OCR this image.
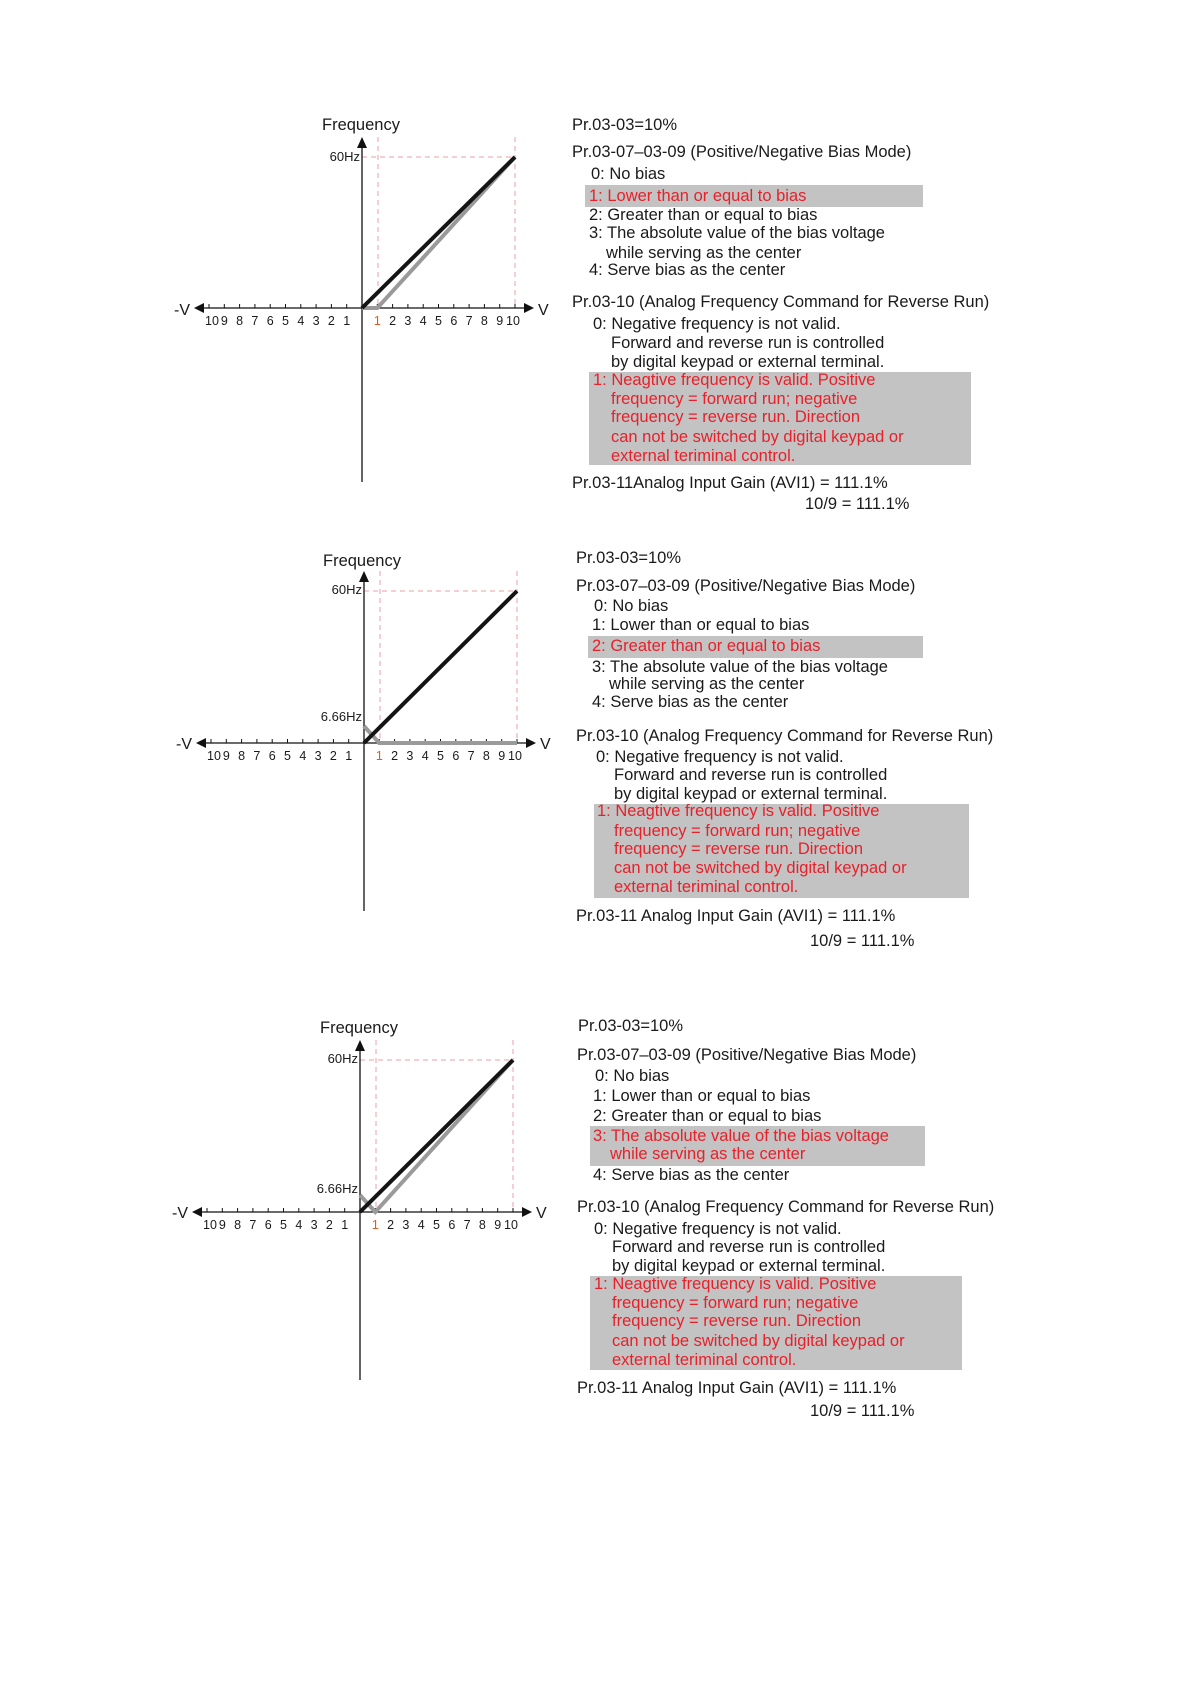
10 9 8 7 6 5 4 3 2 1 1 2 3 4 5 6 7 8 9 10
Frequency
60Hz
-V	V
Pr.03-03=10%
Pr.03-07–03-09 (Positive/Negative Bias Mode)
0: No bias
1: Lower than or equal to bias
2: Greater than or equal to bias
3: The absolute value of the bias voltage
while serving as the center
4: Serve bias as the center
Pr.03-10 (Analog Frequency Command for Reverse Run)
0: Negative frequency is not valid.
Forward and reverse run is controlled
by digital keypad or external terminal.
1: Neagtive frequency is valid. Positive
frequency = forward run; negative
frequency = reverse run. Direction
can not be switched by digital keypad or
external teriminal control.
Pr.03-11Analog Input Gain (AVI1) = 111.1%
10/9 = 111.1%
10 9 8 7 6 5 4 3 2 1 1 2 3 4 5 6 7 8 9 10
Frequency
60Hz
6.66Hz
-V	V
Pr.03-03=10%
Pr.03-07–03-09 (Positive/Negative Bias Mode)
0: No bias
1: Lower than or equal to bias
2: Greater than or equal to bias
3: The absolute value of the bias voltage
while serving as the center
4: Serve bias as the center
Pr.03-10 (Analog Frequency Command for Reverse Run)
0: Negative frequency is not valid.
Forward and reverse run is controlled
by digital keypad or external terminal.
1: Neagtive frequency is valid. Positive
frequency = forward run; negative
frequency = reverse run. Direction
can not be switched by digital keypad or
external teriminal control.
Pr.03-11 Analog Input Gain (AVI1) = 111.1%
10/9 = 111.1%
10 9 8 7 6 5 4 3 2 1 1 2 3 4 5 6 7 8 9 10
Frequency
60Hz
6.66Hz
-V	V
Pr.03-03=10%
Pr.03-07–03-09 (Positive/Negative Bias Mode)
0: No bias
1: Lower than or equal to bias
2: Greater than or equal to bias
3: The absolute value of the bias voltage
while serving as the center
4: Serve bias as the center
Pr.03-10 (Analog Frequency Command for Reverse Run)
0: Negative frequency is not valid.
Forward and reverse run is controlled
by digital keypad or external terminal.
1: Neagtive frequency is valid. Positive
frequency = forward run; negative
frequency = reverse run. Direction
can not be switched by digital keypad or
external teriminal control.
Pr.03-11 Analog Input Gain (AVI1) = 111.1%
10/9 = 111.1%
